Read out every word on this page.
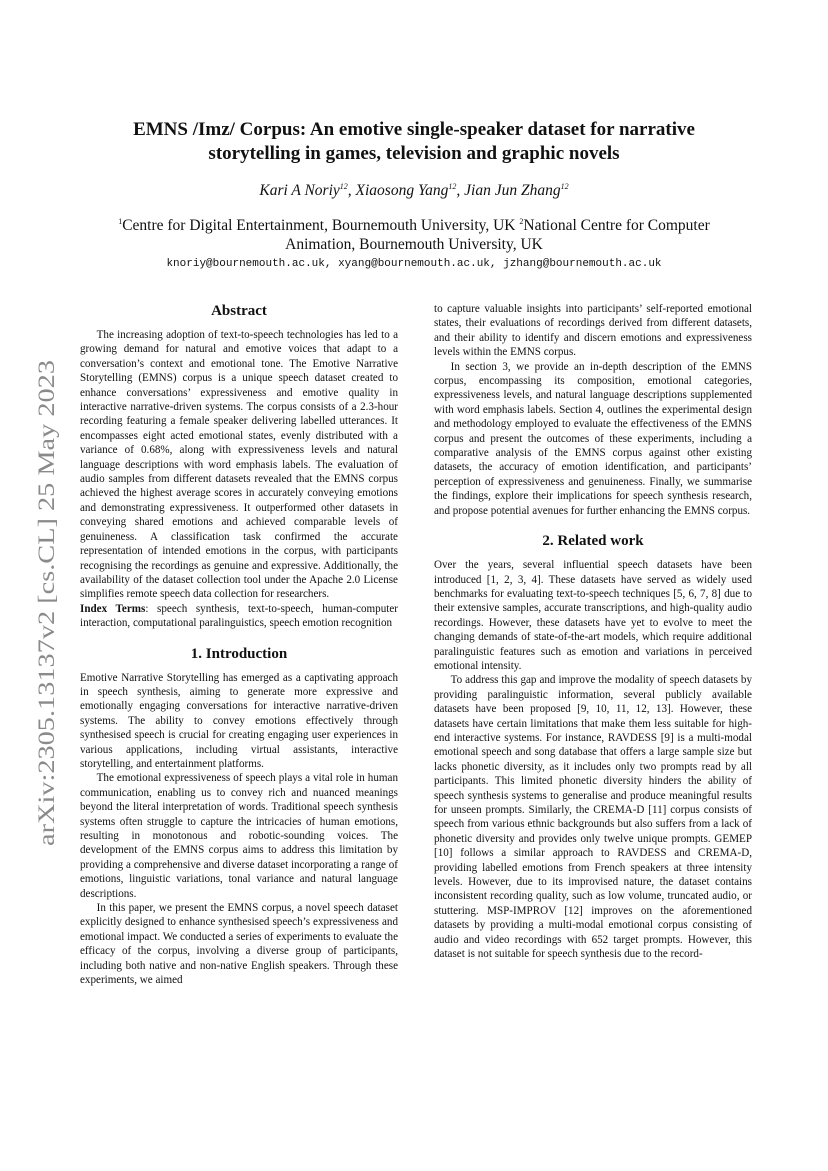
arXiv:2305.13137v2 [cs.CL] 25 May 2023
EMNS /Imz/ Corpus: An emotive single-speaker dataset for narrative storytelling in games, television and graphic novels
Kari A Noriy$^{12}$, Xiaosong Yang$^{12}$, Jian Jun Zhang$^{12}$
$^1$Centre for Digital Entertainment, Bournemouth University, UK $^2$National Centre for Computer Animation, Bournemouth University, UK
knoriy@bournemouth.ac.uk, xyang@bournemouth.ac.uk, jzhang@bournemouth.ac.uk
Abstract

The increasing adoption of text-to-speech technologies has led to a growing demand for natural and emotive voices that adapt to a conversation’s context and emotional tone. The Emotive Narrative Storytelling (EMNS) corpus is a unique speech dataset created to enhance conversations’ expressiveness and emotive quality in interactive narrative-driven systems. The corpus consists of a 2.3-hour recording featuring a female speaker delivering labelled utterances. It encompasses eight acted emotional states, evenly distributed with a variance of 0.68%, along with expressiveness levels and natural language descriptions with word emphasis labels. The evaluation of audio samples from different datasets revealed that the EMNS corpus achieved the highest average scores in accurately conveying emotions and demonstrating expressiveness. It outperformed other datasets in conveying shared emotions and achieved comparable levels of genuineness. A classification task confirmed the accurate representation of intended emotions in the corpus, with participants recognising the recordings as genuine and expressive. Additionally, the availability of the dataset collection tool under the Apache 2.0 License simplifies remote speech data collection for researchers.

Index Terms: speech synthesis, text-to-speech, human-computer interaction, computational paralinguistics, speech emotion recognition

1. Introduction

Emotive Narrative Storytelling has emerged as a captivating approach in speech synthesis, aiming to generate more expressive and emotionally engaging conversations for interactive narrative-driven systems. The ability to convey emotions effectively through synthesised speech is crucial for creating engaging user experiences in various applications, including virtual assistants, interactive storytelling, and entertainment platforms.

The emotional expressiveness of speech plays a vital role in human communication, enabling us to convey rich and nuanced meanings beyond the literal interpretation of words. Traditional speech synthesis systems often struggle to capture the intricacies of human emotions, resulting in monotonous and robotic-sounding voices. The development of the EMNS corpus aims to address this limitation by providing a comprehensive and diverse dataset incorporating a range of emotions, linguistic variations, tonal variance and natural language descriptions.

In this paper, we present the EMNS corpus, a novel speech dataset explicitly designed to enhance synthesised speech’s expressiveness and emotional impact. We conducted a series of experiments to evaluate the efficacy of the corpus, involving a diverse group of participants, including both native and non-native English speakers. Through these experiments, we aimed

to capture valuable insights into participants’ self-reported emotional states, their evaluations of recordings derived from different datasets, and their ability to identify and discern emotions and expressiveness levels within the EMNS corpus.

In section 3, we provide an in-depth description of the EMNS corpus, encompassing its composition, emotional categories, expressiveness levels, and natural language descriptions supplemented with word emphasis labels. Section 4, outlines the experimental design and methodology employed to evaluate the effectiveness of the EMNS corpus and present the outcomes of these experiments, including a comparative analysis of the EMNS corpus against other existing datasets, the accuracy of emotion identification, and participants’ perception of expressiveness and genuineness. Finally, we summarise the findings, explore their implications for speech synthesis research, and propose potential avenues for further enhancing the EMNS corpus.

2. Related work

Over the years, several influential speech datasets have been introduced [1, 2, 3, 4]. These datasets have served as widely used benchmarks for evaluating text-to-speech techniques [5, 6, 7, 8] due to their extensive samples, accurate transcriptions, and high-quality audio recordings. However, these datasets have yet to evolve to meet the changing demands of state-of-the-art models, which require additional paralinguistic features such as emotion and variations in perceived emotional intensity.

To address this gap and improve the modality of speech datasets by providing paralinguistic information, several publicly available datasets have been proposed [9, 10, 11, 12, 13]. However, these datasets have certain limitations that make them less suitable for high-end interactive systems. For instance, RAVDESS [9] is a multi-modal emotional speech and song database that offers a large sample size but lacks phonetic diversity, as it includes only two prompts read by all participants. This limited phonetic diversity hinders the ability of speech synthesis systems to generalise and produce meaningful results for unseen prompts. Similarly, the CREMA-D [11] corpus consists of speech from various ethnic backgrounds but also suffers from a lack of phonetic diversity and provides only twelve unique prompts. GEMEP [10] follows a similar approach to RAVDESS and CREMA-D, providing labelled emotions from French speakers at three intensity levels. However, due to its improvised nature, the dataset contains inconsistent recording quality, such as low volume, truncated audio, or stuttering. MSP-IMPROV [12] improves on the aforementioned datasets by providing a multi-modal emotional corpus consisting of audio and video recordings with 652 target prompts. However, this dataset is not suitable for speech synthesis due to the record-
